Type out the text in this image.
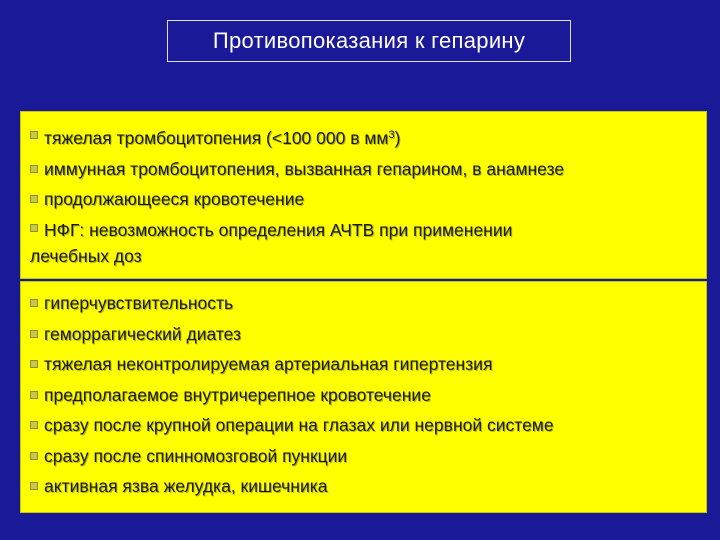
Противопоказания к гепарину
тяжелая тромбоцитопения (<100 000 в $мм^3$)
иммунная тромбоцитопения, вызванная гепарином, в анамнезе
продолжающееся кровотечение
НФГ: невозможность определения АЧТВ при применении
лечебных доз
гиперчувствительность
геморрагический диатез
тяжелая неконтролируемая артериальная гипертензия
предполагаемое внутричерепное кровотечение
сразу после крупной операции на глазах или нервной системе
сразу после спинномозговой пункции
активная язва желудка, кишечника
